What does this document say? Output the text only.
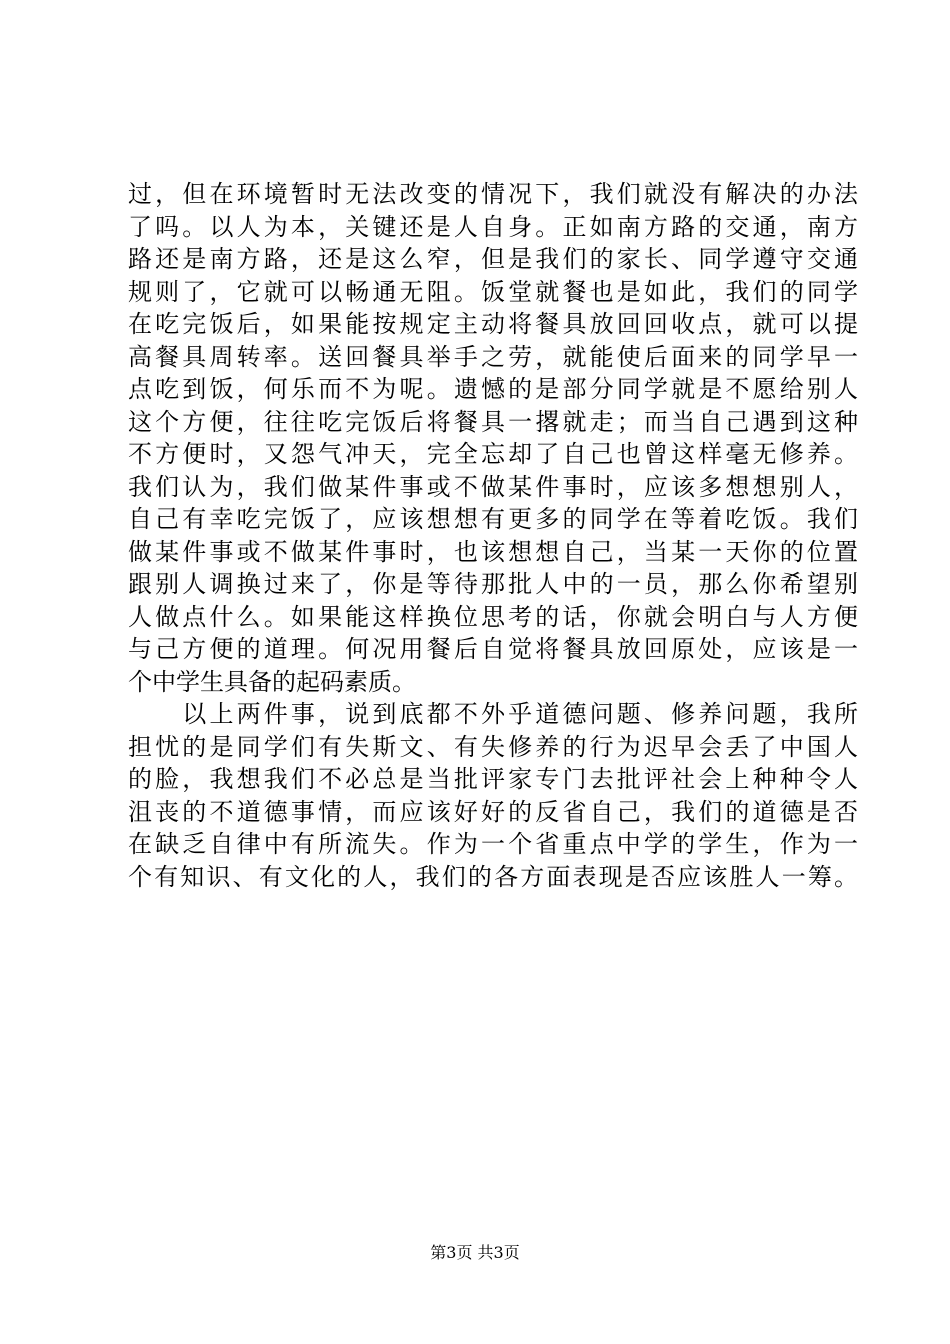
过，但在环境暂时无法改变的情况下，我们就没有解决的办法
了吗。以人为本，关键还是人自身。正如南方路的交通，南方
路还是南方路，还是这么窄，但是我们的家长、同学遵守交通
规则了，它就可以畅通无阻。饭堂就餐也是如此，我们的同学
在吃完饭后，如果能按规定主动将餐具放回回收点，就可以提
高餐具周转率。送回餐具举手之劳，就能使后面来的同学早一
点吃到饭，何乐而不为呢。遗憾的是部分同学就是不愿给别人
这个方便，往往吃完饭后将餐具一撂就走；而当自己遇到这种
不方便时，又怨气冲天，完全忘却了自己也曾这样毫无修养。
我们认为，我们做某件事或不做某件事时，应该多想想别人，
自己有幸吃完饭了，应该想想有更多的同学在等着吃饭。我们
做某件事或不做某件事时，也该想想自己，当某一天你的位置
跟别人调换过来了，你是等待那批人中的一员，那么你希望别
人做点什么。如果能这样换位思考的话，你就会明白与人方便
与己方便的道理。何况用餐后自觉将餐具放回原处，应该是一
个中学生具备的起码素质。
　　以上两件事，说到底都不外乎道德问题、修养问题，我所
担忧的是同学们有失斯文、有失修养的行为迟早会丢了中国人
的脸，我想我们不必总是当批评家专门去批评社会上种种令人
沮丧的不道德事情，而应该好好的反省自己，我们的道德是否
在缺乏自律中有所流失。作为一个省重点中学的学生，作为一
个有知识、有文化的人，我们的各方面表现是否应该胜人一筹。
第3页 共3页
